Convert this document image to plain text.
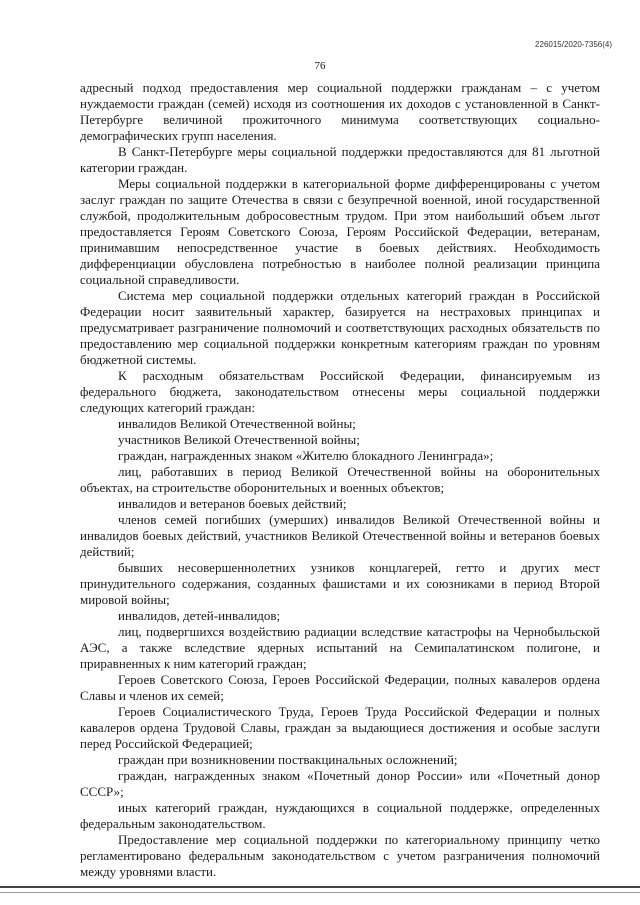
226015/2020-7356(4)
76

адресный подход предоставления мер социальной поддержки гражданам – с учетом нуждаемости граждан (семей) исходя из соотношения их доходов с установленной в Санкт-Петербурге величиной прожиточного минимума соответствующих социально-демографических групп населения.

В Санкт-Петербурге меры социальной поддержки предоставляются для 81 льготной категории граждан.

Меры социальной поддержки в категориальной форме дифференцированы с учетом заслуг граждан по защите Отечества в связи с безупречной военной, иной государственной службой, продолжительным добросовестным трудом. При этом наибольший объем льгот предоставляется Героям Советского Союза, Героям Российской Федерации, ветеранам, принимавшим непосредственное участие в боевых действиях. Необходимость дифференциации обусловлена потребностью в наиболее полной реализации принципа социальной справедливости.

Система мер социальной поддержки отдельных категорий граждан в Российской Федерации носит заявительный характер, базируется на нестраховых принципах и предусматривает разграничение полномочий и соответствующих расходных обязательств по предоставлению мер социальной поддержки конкретным категориям граждан по уровням бюджетной системы.

К расходным обязательствам Российской Федерации, финансируемым из федерального бюджета, законодательством отнесены меры социальной поддержки следующих категорий граждан:

инвалидов Великой Отечественной войны;

участников Великой Отечественной войны;

граждан, награжденных знаком «Жителю блокадного Ленинграда»;

лиц, работавших в период Великой Отечественной войны на оборонительных объектах, на строительстве оборонительных и военных объектов;

инвалидов и ветеранов боевых действий;

членов семей погибших (умерших) инвалидов Великой Отечественной войны и инвалидов боевых действий, участников Великой Отечественной войны и ветеранов боевых действий;

бывших несовершеннолетних узников концлагерей, гетто и других мест принудительного содержания, созданных фашистами и их союзниками в период Второй мировой войны;

инвалидов, детей-инвалидов;

лиц, подвергшихся воздействию радиации вследствие катастрофы на Чернобыльской АЭС, а также вследствие ядерных испытаний на Семипалатинском полигоне, и приравненных к ним категорий граждан;

Героев Советского Союза, Героев Российской Федерации, полных кавалеров ордена Славы и членов их семей;

Героев Социалистического Труда, Героев Труда Российской Федерации и полных кавалеров ордена Трудовой Славы, граждан за выдающиеся достижения и особые заслуги перед Российской Федерацией;

граждан при возникновении поствакцинальных осложнений;

граждан, награжденных знаком «Почетный донор России» или «Почетный донор СССР»;

иных категорий граждан, нуждающихся в социальной поддержке, определенных федеральным законодательством.

Предоставление мер социальной поддержки по категориальному принципу четко регламентировано федеральным законодательством с учетом разграничения полномочий между уровнями власти.
